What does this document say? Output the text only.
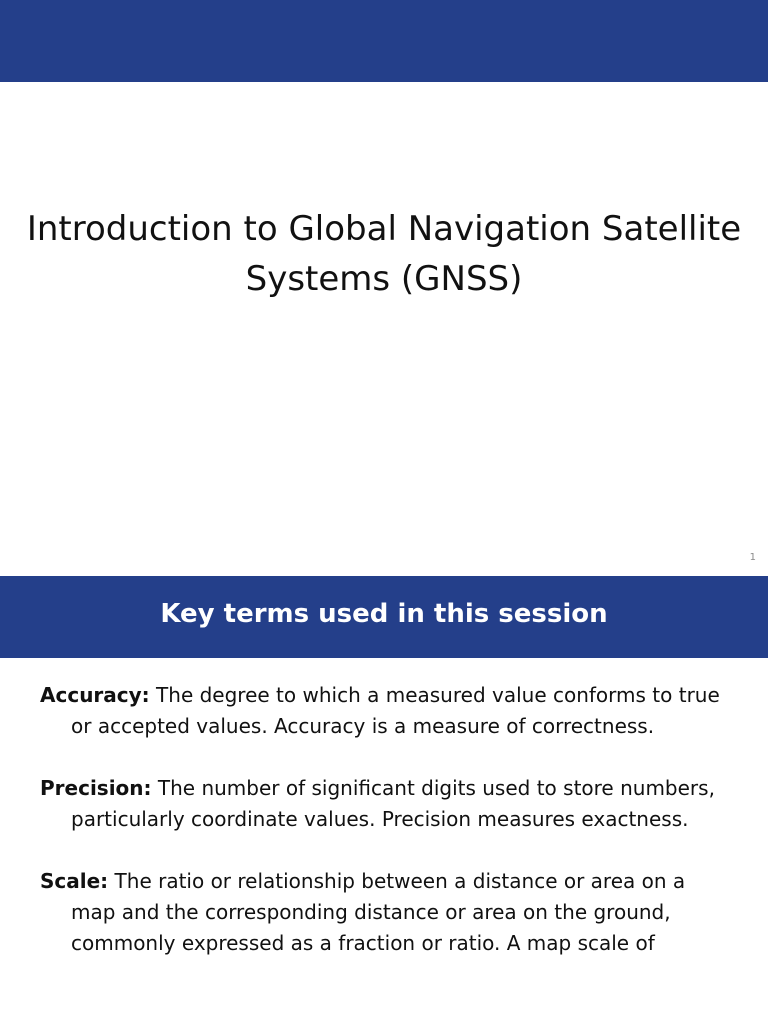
Introduction to Global Navigation Satellite
Systems (GNSS)
1
Key terms used in this session

Accuracy: The degree to which a measured value conforms to true or accepted values. Accuracy is a measure of correctness.

Precision: The number of significant digits used to store numbers, particularly coordinate values. Precision measures exactness.

Scale: The ratio or relationship between a distance or area on a map and the corresponding distance or area on the ground, commonly expressed as a fraction or ratio. A map scale of
